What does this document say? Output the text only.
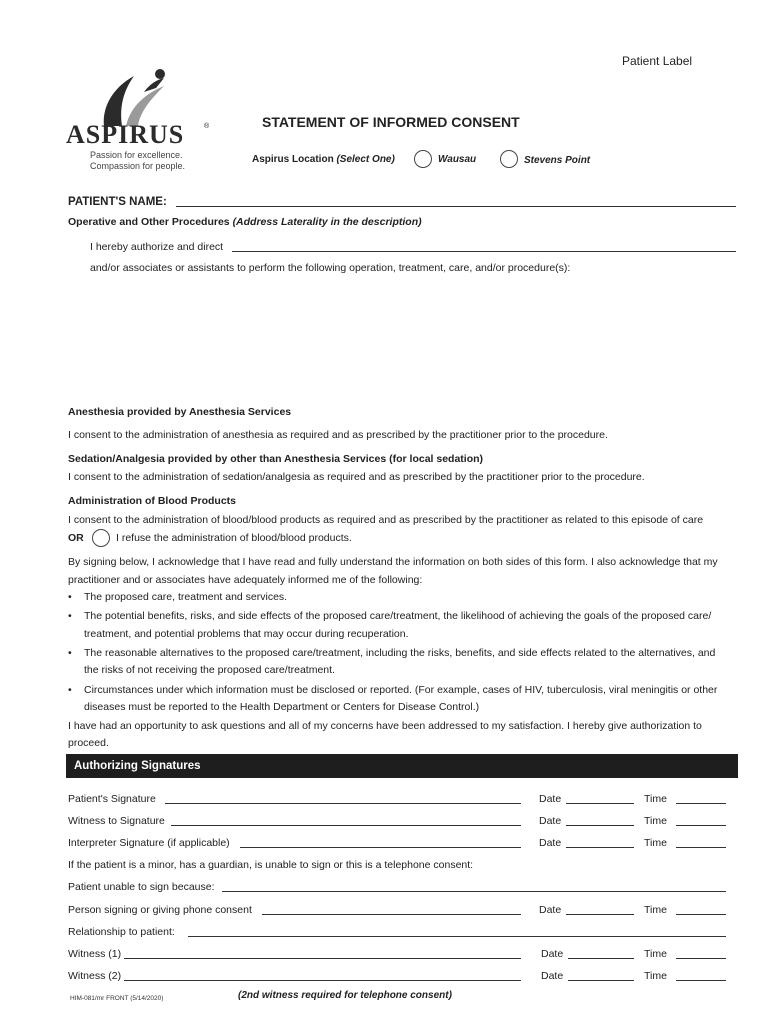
Patient Label
ASPIRUS	®
Passion for excellence.
Compassion for people.
STATEMENT OF INFORMED CONSENT
Aspirus Location (Select One)	Wausau	Stevens Point
PATIENT'S NAME:
Operative and Other Procedures (Address Laterality in the description)
I hereby authorize and direct
and/or associates or assistants to perform the following operation, treatment, care, and/or procedure(s):
Anesthesia provided by Anesthesia Services
I consent to the administration of anesthesia as required and as prescribed by the practitioner prior to the procedure.
Sedation/Analgesia provided by other than Anesthesia Services (for local sedation)
I consent to the administration of sedation/analgesia as required and as prescribed by the practitioner prior to the procedure.
Administration of Blood Products
I consent to the administration of blood/blood products as required and as prescribed by the practitioner as related to this episode of care
OR	I refuse the administration of blood/blood products.
By signing below, I acknowledge that I have read and fully understand the information on both sides of this form. I also acknowledge that my
practitioner and or associates have adequately informed me of the following:
• The proposed care, treatment and services.
• The potential benefits, risks, and side effects of the proposed care/treatment, the likelihood of achieving the goals of the proposed care/
treatment, and potential problems that may occur during recuperation.
• The reasonable alternatives to the proposed care/treatment, including the risks, benefits, and side effects related to the alternatives, and
the risks of not receiving the proposed care/treatment.
• Circumstances under which information must be disclosed or reported. (For example, cases of HIV, tuberculosis, viral meningitis or other
diseases must be reported to the Health Department or Centers for Disease Control.)
I have had an opportunity to ask questions and all of my concerns have been addressed to my satisfaction. I hereby give authorization to
proceed.
Authorizing Signatures
Patient's Signature	Date	Time
Witness to Signature	Date	Time
Interpreter Signature (if applicable)	Date	Time
If the patient is a minor, has a guardian, is unable to sign or this is a telephone consent:
Patient unable to sign because:
Person signing or giving phone consent	Date	Time
Relationship to patient:
Witness (1)	Date	Time
Witness (2)	Date	Time
HIM-081/mr FRONT (5/14/2020)	(2nd witness required for telephone consent)
